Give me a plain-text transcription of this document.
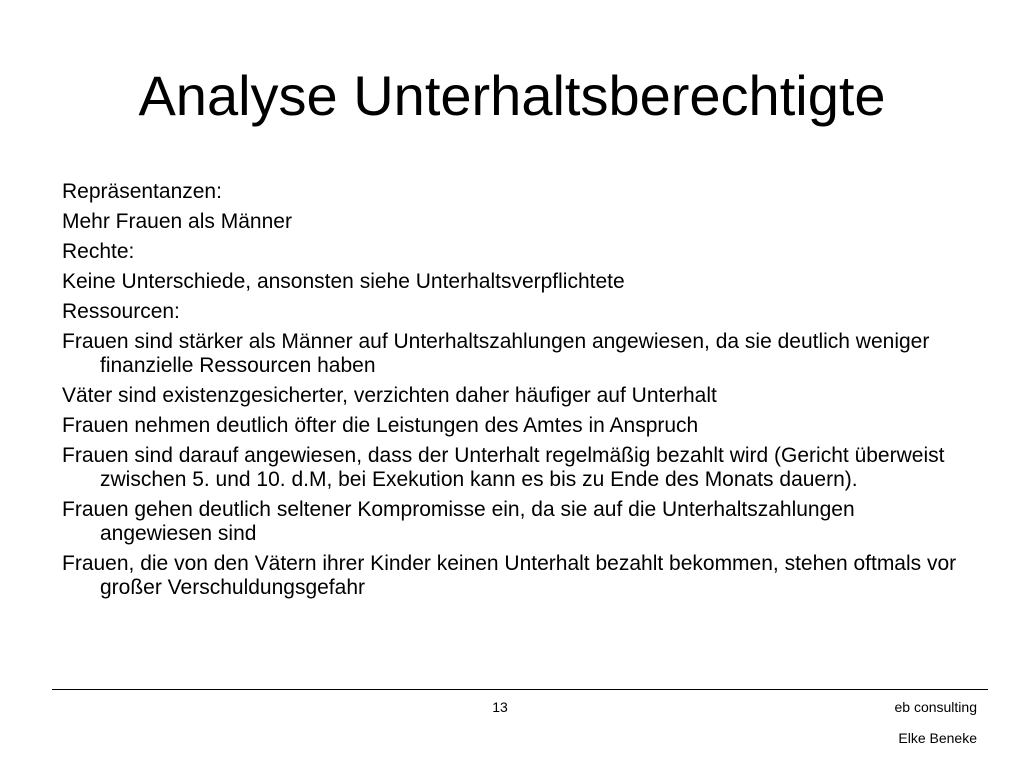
Analyse Unterhaltsberechtigte
Repräsentanzen:
Mehr Frauen als Männer
Rechte:
Keine Unterschiede, ansonsten siehe Unterhaltsverpflichtete
Ressourcen:
Frauen sind stärker als Männer auf Unterhaltszahlungen angewiesen, da sie deutlich weniger finanzielle Ressourcen haben
Väter sind existenzgesicherter, verzichten daher häufiger auf Unterhalt
Frauen nehmen deutlich öfter die Leistungen des Amtes in Anspruch
Frauen sind darauf angewiesen, dass der Unterhalt regelmäßig bezahlt wird (Gericht überweist zwischen 5. und 10. d.M, bei Exekution kann es bis zu Ende des Monats dauern).
Frauen gehen deutlich seltener Kompromisse ein, da sie auf die Unterhaltszahlungen angewiesen sind
Frauen, die von den Vätern ihrer Kinder keinen Unterhalt bezahlt bekommen, stehen oftmals vor großer Verschuldungsgefahr
13	eb consulting
Elke Beneke
